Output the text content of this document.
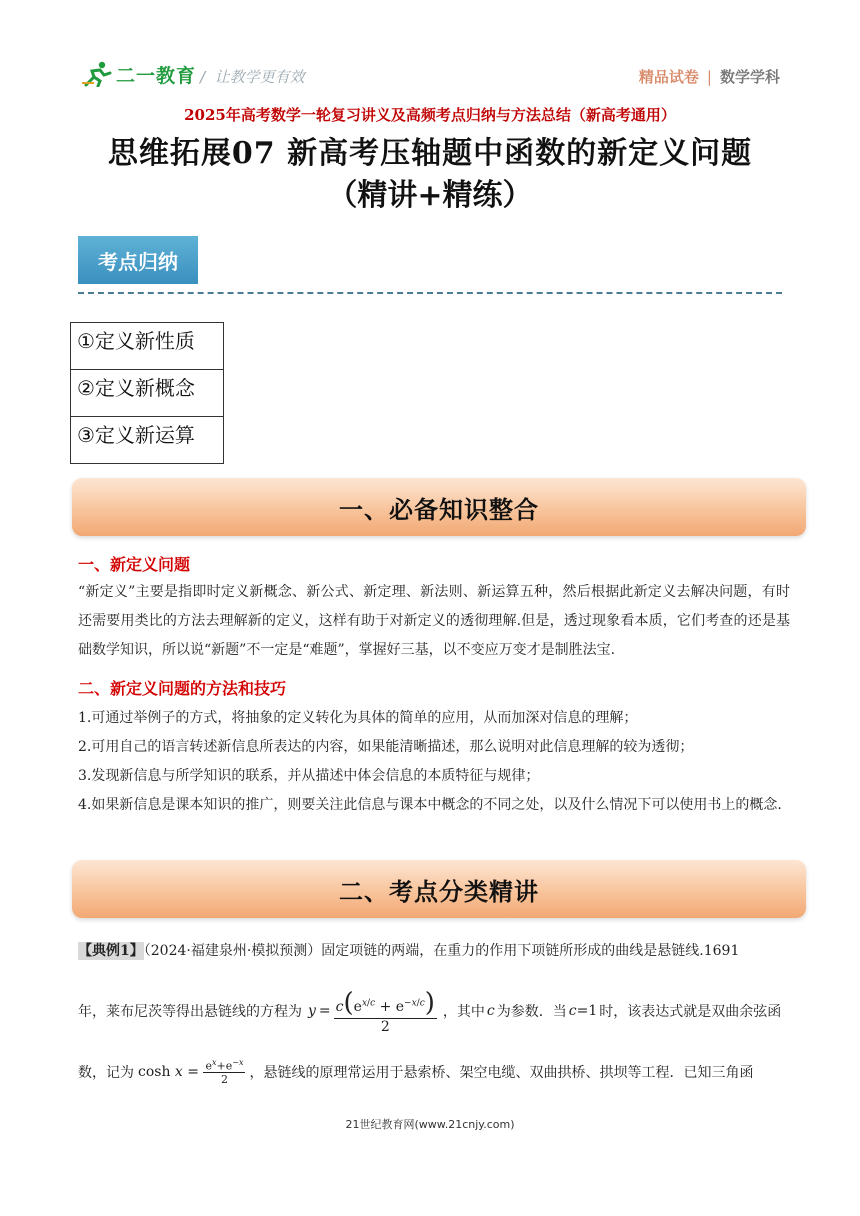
二一教育 /  让教学更有效	精品试卷 | 数学学科
2025年高考数学一轮复习讲义及高频考点归纳与方法总结（新高考通用）
思维拓展07 新高考压轴题中函数的新定义问题
（精讲+精练）
考点归纳
①定义新性质
②定义新概念
③定义新运算
一、必备知识整合
一、新定义问题
“新定义”主要是指即时定义新概念、新公式、新定理、新法则、新运算五种，然后根据此新定义去解决问题，有时还需要用类比的方法去理解新的定义，这样有助于对新定义的透彻理解.但是，透过现象看本质，它们考查的还是基础数学知识，所以说“新题”不一定是“难题”，掌握好三基，以不变应万变才是制胜法宝.
二、新定义问题的方法和技巧
1.可通过举例子的方式，将抽象的定义转化为具体的简单的应用，从而加深对信息的理解；
2.可用自己的语言转述新信息所表达的内容，如果能清晰描述，那么说明对此信息理解的较为透彻；
3.发现新信息与所学知识的联系，并从描述中体会信息的本质特征与规律；
4.如果新信息是课本知识的推广，则要关注此信息与课本中概念的不同之处，以及什么情况下可以使用书上的概念.
二、考点分类精讲
【典例1】（2024·福建泉州·模拟预测）固定项链的两端，在重力的作用下项链所形成的曲线是悬链线.1691
年，莱布尼茨等得出悬链线的方程为 $y = \frac{c(e^{x/c} + e^{-x/c})}{2}$ ，其中 c 为参数．当 c=1 时，该表达式就是双曲余弦函
数，记为 $\cosh x = \frac{e^x+e^{-x}}{2}$ ，悬链线的原理常运用于悬索桥、架空电缆、双曲拱桥、拱坝等工程．已知三角函
21世纪教育网(www.21cnjy.com)
